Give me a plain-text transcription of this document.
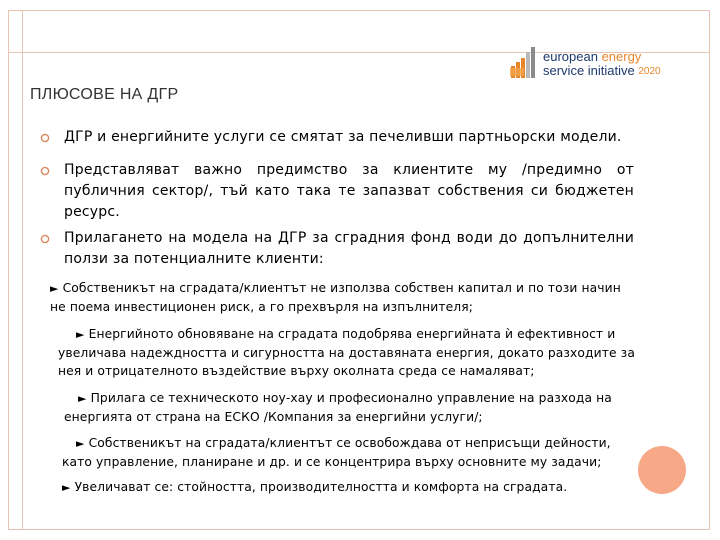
european energy
service initiative 2020
ПЛЮСОВЕ НА ДГР
ДГР и енергийните услуги се смятат за печеливши партньорски модели.
Представляват важно предимство за клиентите му /предимно от публичния сектор/, тъй като така те запазват собствения си бюджетен ресурс.
Прилагането на модела на ДГР за сградния фонд води до допълнителни ползи за потенциалните клиенти:
► Собственикът на сградата/клиентът не използва собствен капитал и по този начин не поема инвестиционен риск, а го прехвърля на изпълнителя;
► Енергийното обновяване на сградата подобрява енергийната ѝ ефективност и увеличава надеждността и сигурността на доставяната енергия, докато разходите за нея и отрицателното въздействие върху околната среда се намаляват;
► Прилага се техническото ноу-хау и професионално управление на разхода на енергията от страна на ЕСКО /Компания за енергийни услуги/;
► Собственикът на сградата/клиентът се освобождава от неприсъщи дейности, като управление, планиране и др. и се концентрира върху основните му задачи;
► Увеличават се: стойността, производителността и комфорта на сградата.
